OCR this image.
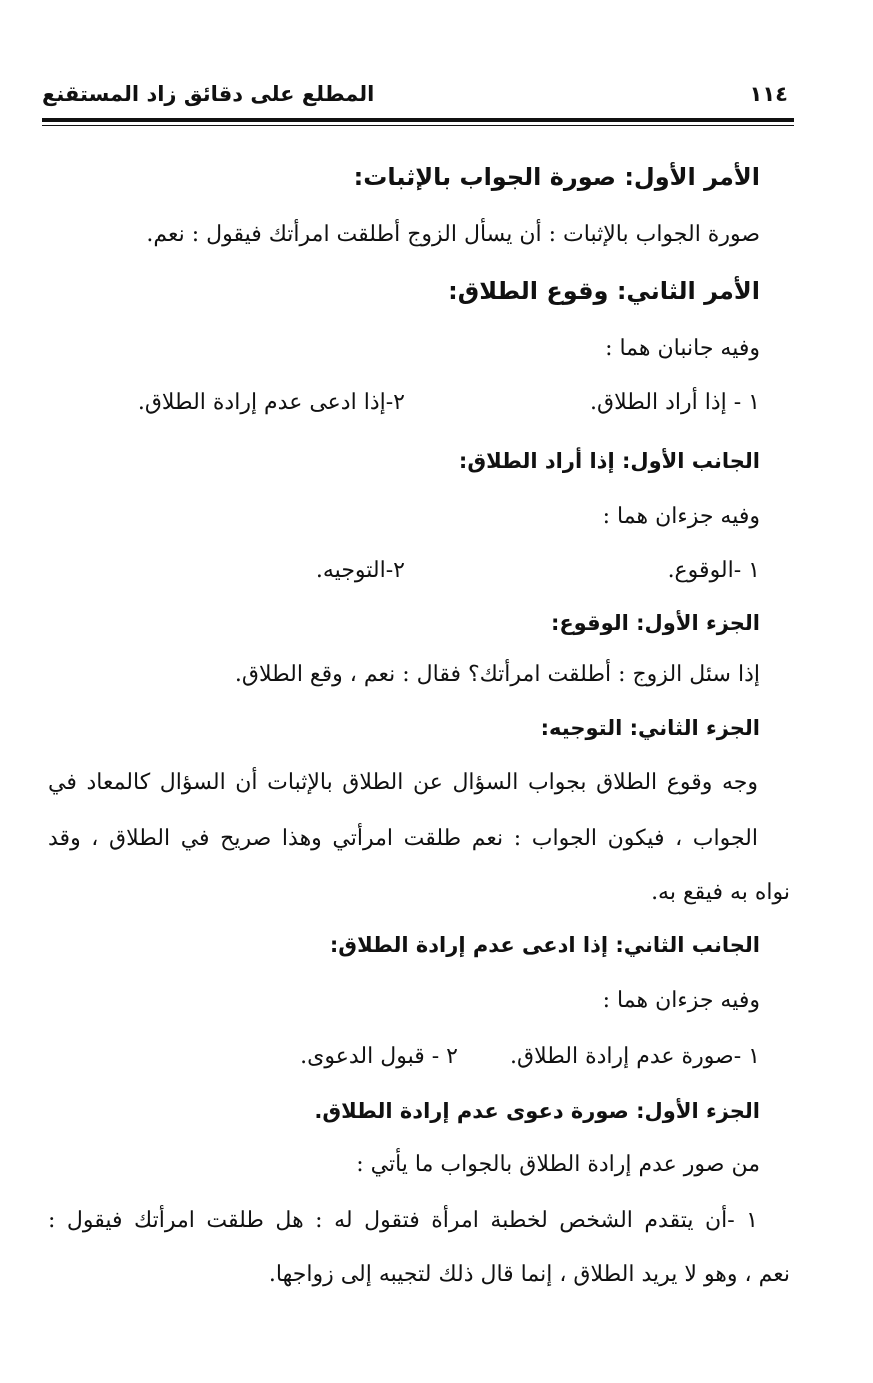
١١٤
المطلع على دقائق زاد المستقنع
الأمر الأول: صورة الجواب بالإثبات:
صورة الجواب بالإثبات : أن يسأل الزوج أطلقت امرأتك فيقول : نعم.
الأمر الثاني: وقوع الطلاق:
وفيه جانبان هما :
١ - إذا أراد الطلاق.
٢-إذا ادعى عدم إرادة الطلاق.
الجانب الأول: إذا أراد الطلاق:
وفيه جزءان هما :
١ -الوقوع.
٢-التوجيه.
الجزء الأول: الوقوع:
إذا سئل الزوج : أطلقت امرأتك؟ فقال : نعم ، وقع الطلاق.
الجزء الثاني: التوجيه:
وجه وقوع الطلاق بجواب السؤال عن الطلاق بالإثبات أن السؤال كالمعاد في
الجواب ، فيكون الجواب : نعم طلقت امرأتي وهذا صريح في الطلاق ، وقد
نواه به فيقع به.
الجانب الثاني: إذا ادعى عدم إرادة الطلاق:
وفيه جزءان هما :
١ -صورة عدم إرادة الطلاق.
٢ - قبول الدعوى.
الجزء الأول: صورة دعوى عدم إرادة الطلاق.
من صور عدم إرادة الطلاق بالجواب ما يأتي :
١ -أن يتقدم الشخص لخطبة امرأة فتقول له : هل طلقت امرأتك فيقول :
نعم ، وهو لا يريد الطلاق ، إنما قال ذلك لتجيبه إلى زواجها.
